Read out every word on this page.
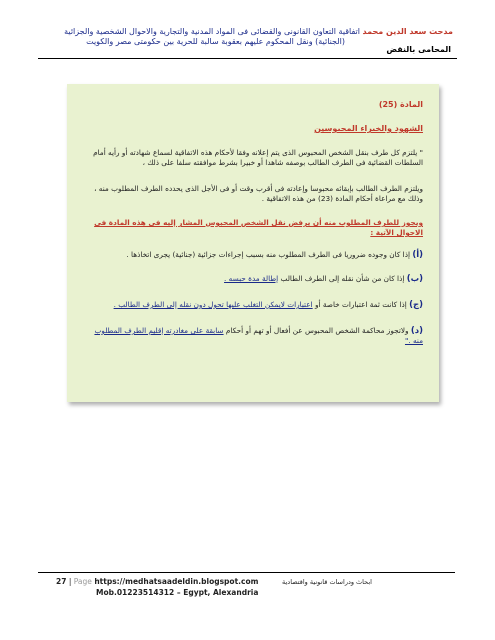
مدحت سعد الدين محمد اتفاقية التعاون القانونى والقضائى فى المواد المدنية والتجارية والاحوال الشخصية والجزائية
(الجنائية) ونقل المحكوم عليهم بعقوبة سالبة للحرية بين حكومتى مصر والكويت
المحامى بالنقض
المادة (25)
الشهود والخبراء المحبوسين
" يلتزم كل طرف بنقل الشخص المحبوس الذى يتم إعلانه وفقا لأحكام هذه الاتفاقية لسماع شهادته أو رأيه أمام السلطات القضائية فى الطرف الطالب بوصفه شاهدا أو خبيرا بشرط موافقته سلفا على ذلك ،
ويلتزم الطرف الطالب بإبقائه محبوسا وإعادته فى أقرب وقت أو فى الأجل الذى يحدده الطرف المطلوب منه ، وذلك مع مراعاة أحكام المادة (23) من هذه الاتفاقية .
ويجوز للطرف المطلوب منه أن يرفض نقل الشخص المحبوس المشار إليه فى هذه المادة فى الاحوال الآتية :
(أ) إذا كان وجوده ضروريا فى الطرف المطلوب منه بسبب إجراءات جزائية (جنائية) يجرى اتخاذها .
(ب) إذا كان من شأن نقله إلى الطرف الطالب إطالة مدة حبسه .
(ج) إذا كانت ثمة اعتبارات خاصة أو اعتبارات لايمكن التغلب عليها تحول دون نقله إلى الطرف الطالب .
(د) ولاتجوز محاكمة الشخص المحبوس عن أفعال أو تهم أو أحكام سابقة على مغادرته إقليم الطرف المطلوب منه ."
27 | Page https://medhatsaadeldin.blogspot.com
Mob.01223514312 – Egypt, Alexandria
ابحاث ودراسات قانونية واقتصادية
